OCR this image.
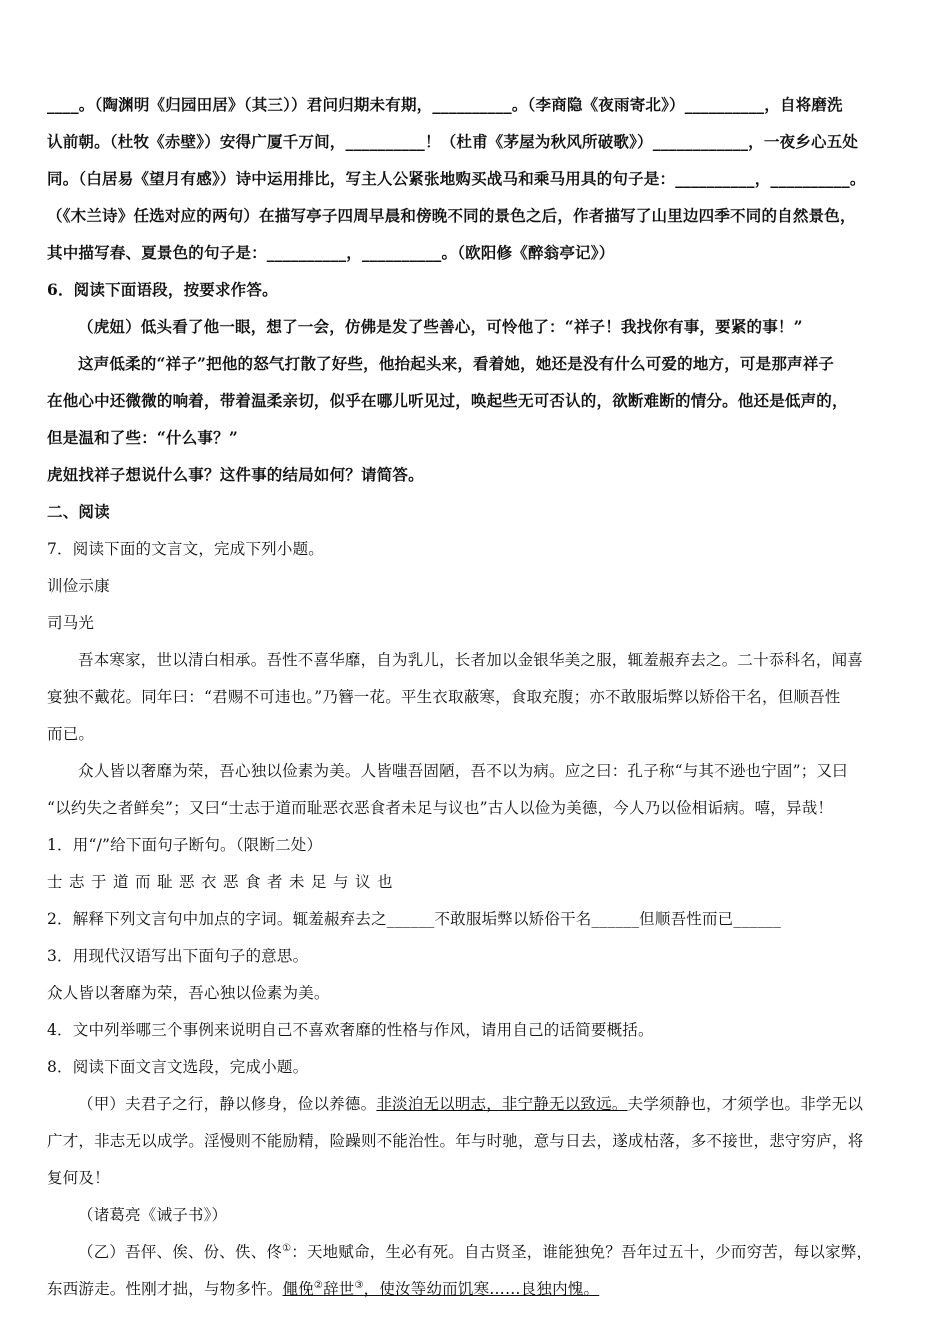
____。（陶渊明《归园田居》（其三））君问归期未有期，__________。（李商隐《夜雨寄北》）__________，自将磨洗
认前朝。（杜牧《赤壁》）安得广厦千万间，__________！（杜甫《茅屋为秋风所破歌》）____________，一夜乡心五处
同。（白居易《望月有感》）诗中运用排比，写主人公紧张地购买战马和乘马用具的句子是：__________，__________。
（《木兰诗》任选对应的两句）在描写亭子四周早晨和傍晚不同的景色之后，作者描写了山里边四季不同的自然景色，
其中描写春、夏景色的句子是：__________，__________。（欧阳修《醉翁亭记》）
6．阅读下面语段，按要求作答。
（虎妞）低头看了他一眼，想了一会，仿佛是发了些善心，可怜他了：“祥子！我找你有事，要紧的事！”
这声低柔的“祥子”把他的怒气打散了好些，他抬起头来，看着她，她还是没有什么可爱的地方，可是那声祥子
在他心中还微微的响着，带着温柔亲切，似乎在哪儿听见过，唤起些无可否认的，欲断难断的情分。他还是低声的，
但是温和了些：“什么事？”
虎妞找祥子想说什么事？这件事的结局如何？请简答。
二、阅读
7．阅读下面的文言文，完成下列小题。
训俭示康
司马光
吾本寒家，世以清白相承。吾性不喜华靡，自为乳儿，长者加以金银华美之服，辄羞赧弃去之。二十忝科名，闻喜
宴独不戴花。同年曰：“君赐不可违也。”乃簪一花。平生衣取蔽寒，食取充腹；亦不敢服垢弊以矫俗干名，但顺吾性
而已。
众人皆以奢靡为荣，吾心独以俭素为美。人皆嗤吾固陋，吾不以为病。应之曰：孔子称“与其不逊也宁固”；又曰
“以约失之者鲜矣”；又曰“士志于道而耻恶衣恶食者未足与议也”古人以俭为美德，今人乃以俭相诟病。嘻，异哉！
1．用“/”给下面句子断句。（限断二处）
士志于道而耻恶衣恶食者未足与议也
2．解释下列文言句中加点的字词。辄羞赧弃去之______不敢服垢弊以矫俗干名______但顺吾性而已______
3．用现代汉语写出下面句子的意思。
众人皆以奢靡为荣，吾心独以俭素为美。
4．文中列举哪三个事例来说明自己不喜欢奢靡的性格与作风，请用自己的话简要概括。
8．阅读下面文言文选段，完成小题。
（甲）夫君子之行，静以修身，俭以养德。非淡泊无以明志，非宁静无以致远。夫学须静也，才须学也。非学无以
广才，非志无以成学。淫慢则不能励精，险躁则不能治性。年与时驰，意与日去，遂成枯落，多不接世，悲守穷庐，将
复何及！
（诸葛亮《诫子书》）
（乙）吾伻、俟、份、佚、佟①：天地赋命，生必有死。自古贤圣，谁能独免？吾年过五十，少而穷苦，每以家弊，
东西游走。性刚才拙，与物多忤。僶俛②辞世③，使汝等幼而饥寒……良独内愧。
